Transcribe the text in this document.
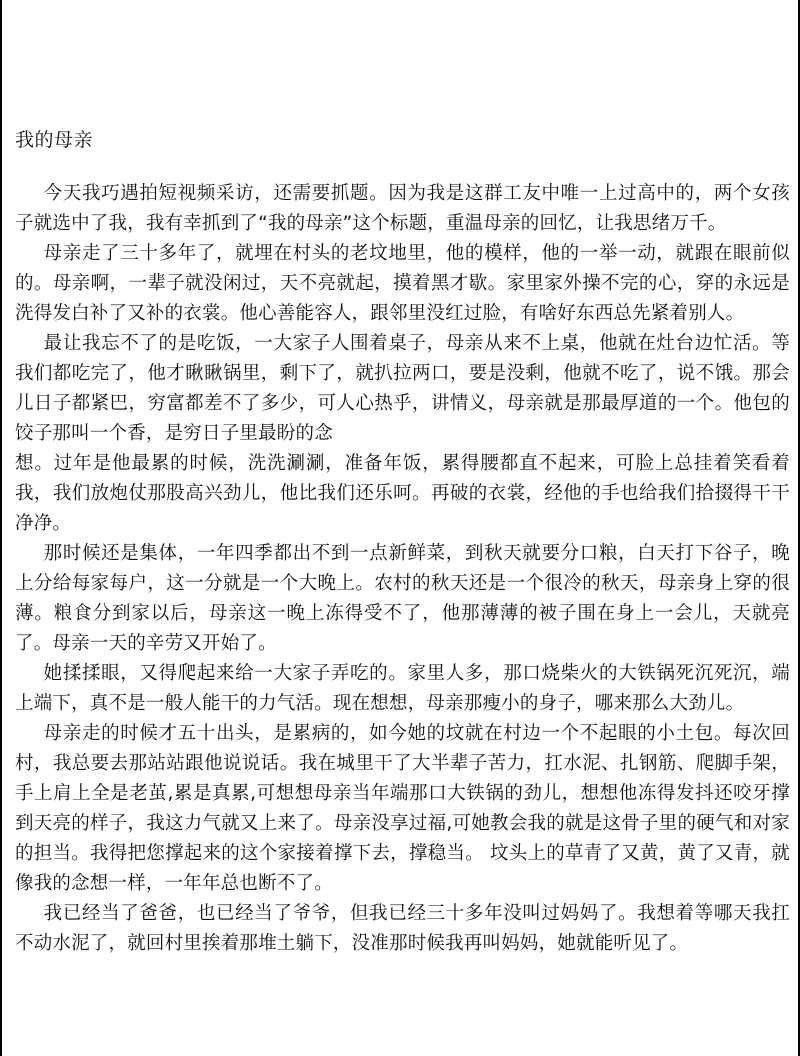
我的母亲

今天我巧遇拍短视频采访，还需要抓题。因为我是这群工友中唯一上过高中的，两个女孩子就选中了我，我有幸抓到了“我的母亲”这个标题，重温母亲的回忆，让我思绪万千。

母亲走了三十多年了，就埋在村头的老坟地里，他的模样，他的一举一动，就跟在眼前似的。母亲啊，一辈子就没闲过，天不亮就起，摸着黑才歇。家里家外操不完的心，穿的永远是洗得发白补了又补的衣裳。他心善能容人，跟邻里没红过脸，有啥好东西总先紧着别人。

最让我忘不了的是吃饭，一大家子人围着桌子，母亲从来不上桌，他就在灶台边忙活。等我们都吃完了，他才瞅瞅锅里，剩下了，就扒拉两口，要是没剩，他就不吃了，说不饿。那会儿日子都紧巴，穷富都差不了多少，可人心热乎，讲情义，母亲就是那最厚道的一个。他包的饺子那叫一个香，是穷日子里最盼的念

想。过年是他最累的时候，洗洗涮涮，准备年饭，累得腰都直不起来，可脸上总挂着笑看着我，我们放炮仗那股高兴劲儿，他比我们还乐呵。再破的衣裳，经他的手也给我们拾掇得干干净净。

那时候还是集体，一年四季都出不到一点新鲜菜，到秋天就要分口粮，白天打下谷子，晚上分给每家每户，这一分就是一个大晚上。农村的秋天还是一个很冷的秋天，母亲身上穿的很薄。粮食分到家以后，母亲这一晚上冻得受不了，他那薄薄的被子围在身上一会儿，天就亮了。母亲一天的辛劳又开始了。

她揉揉眼，又得爬起来给一大家子弄吃的。家里人多，那口烧柴火的大铁锅死沉死沉，端上端下，真不是一般人能干的力气活。现在想想，母亲那瘦小的身子，哪来那么大劲儿。

母亲走的时候才五十出头，是累病的，如今她的坟就在村边一个不起眼的小土包。每次回村，我总要去那站站跟他说说话。我在城里干了大半辈子苦力，扛水泥、扎钢筋、爬脚手架，手上肩上全是老茧,累是真累,可想想母亲当年端那口大铁锅的劲儿，想想他冻得发抖还咬牙撑到天亮的样子，我这力气就又上来了。母亲没享过福,可她教会我的就是这骨子里的硬气和对家的担当。我得把您撑起来的这个家接着撑下去，撑稳当。 坟头上的草青了又黄，黄了又青，就像我的念想一样，一年年总也断不了。

我已经当了爸爸，也已经当了爷爷，但我已经三十多年没叫过妈妈了。我想着等哪天我扛不动水泥了，就回村里挨着那堆土躺下，没准那时候我再叫妈妈，她就能听见了。
